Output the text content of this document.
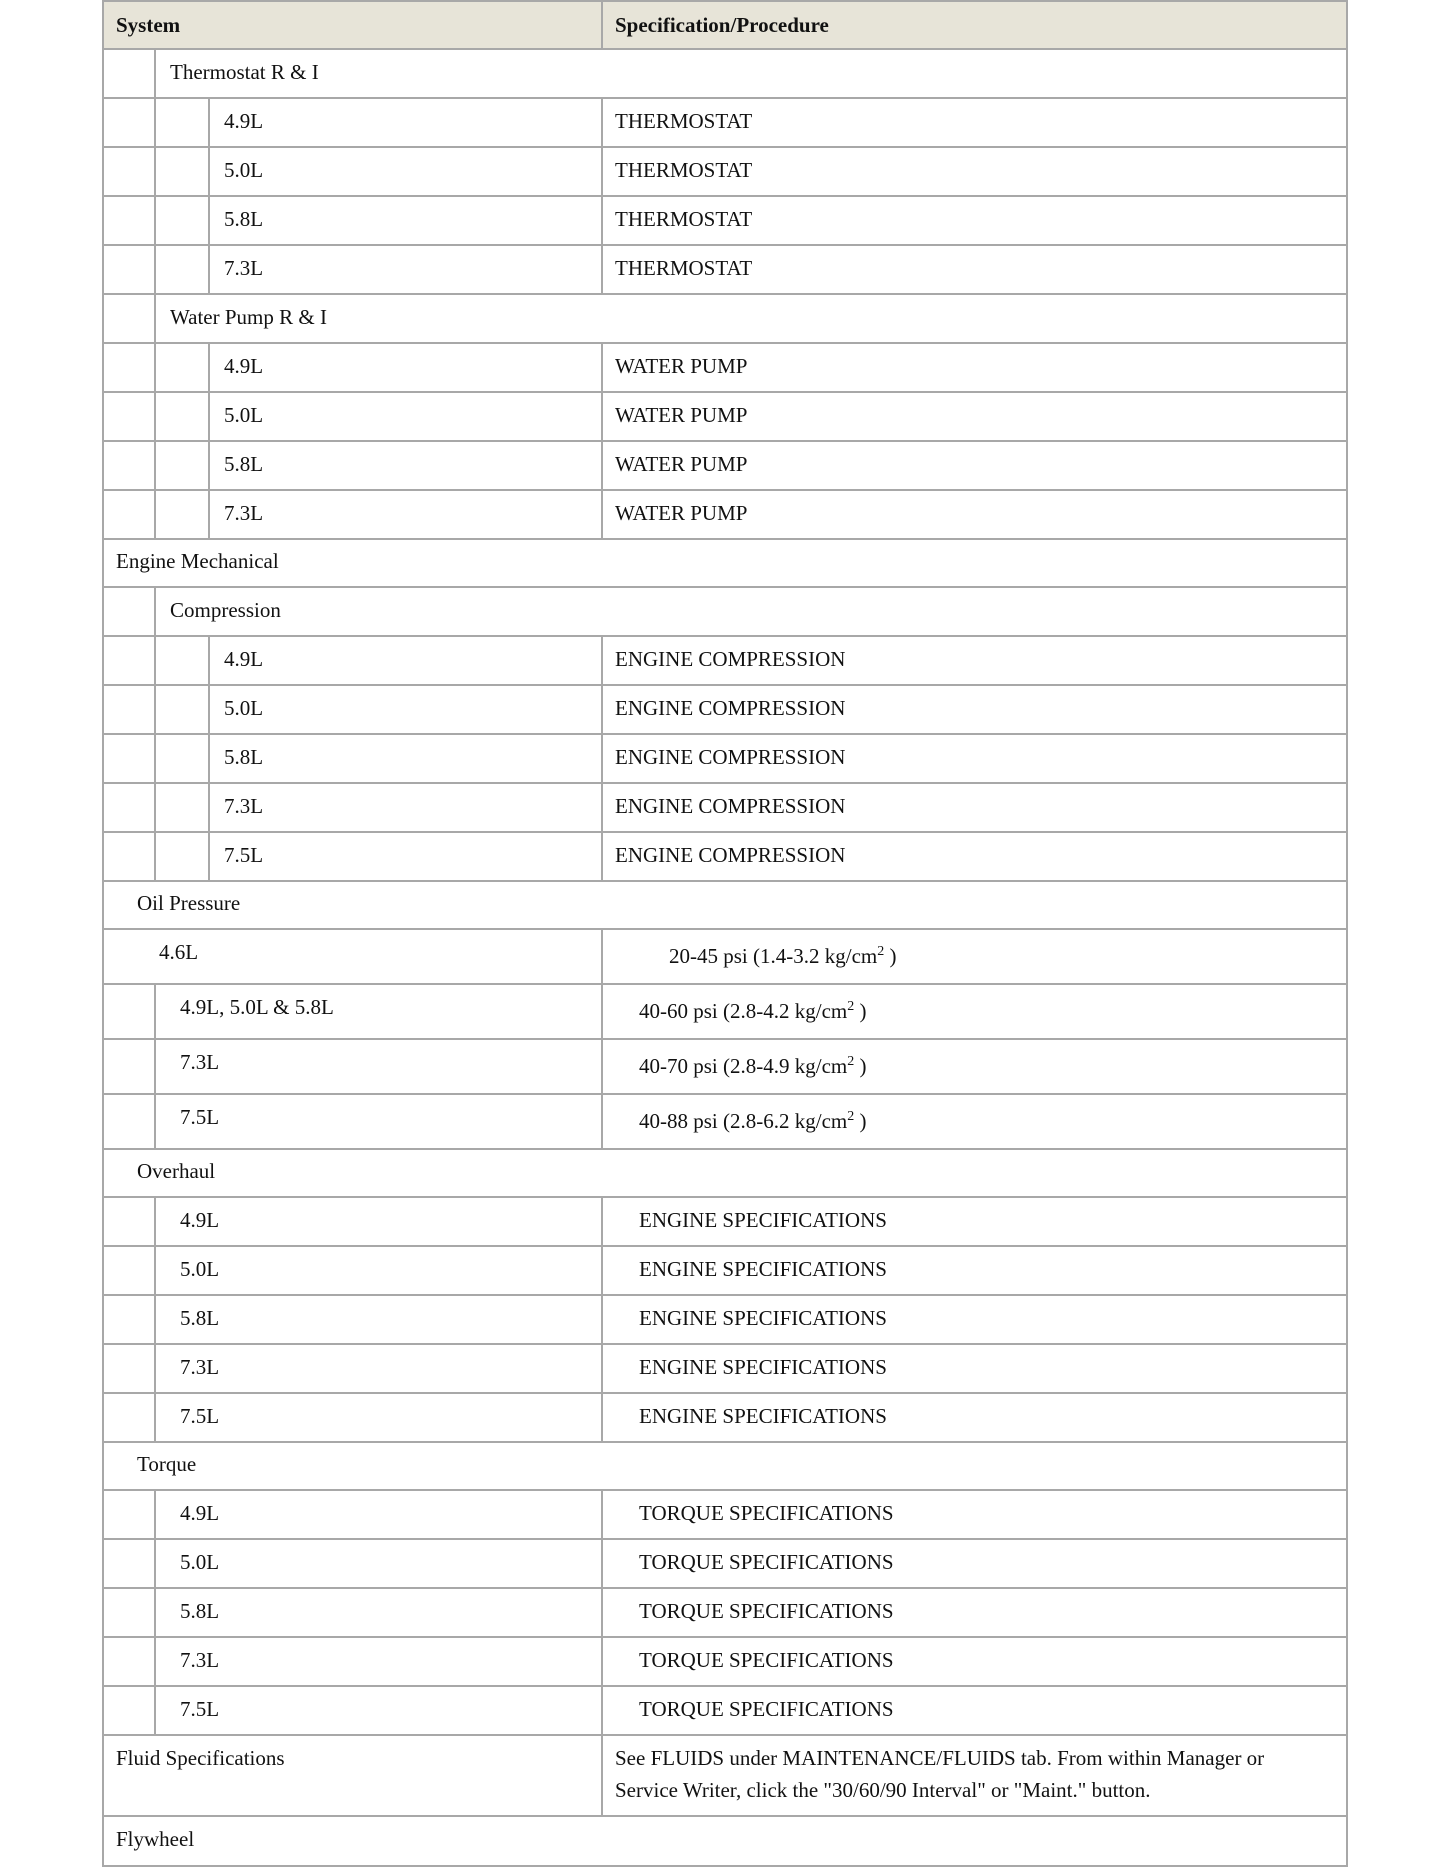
System	Specification/Procedure
Thermostat R & I
4.9L	THERMOSTAT
5.0L	THERMOSTAT
5.8L	THERMOSTAT
7.3L	THERMOSTAT
Water Pump R & I
4.9L	WATER PUMP
5.0L	WATER PUMP
5.8L	WATER PUMP
7.3L	WATER PUMP
Engine Mechanical
Compression
4.9L	ENGINE COMPRESSION
5.0L	ENGINE COMPRESSION
5.8L	ENGINE COMPRESSION
7.3L	ENGINE COMPRESSION
7.5L	ENGINE COMPRESSION
Oil Pressure
4.6L	20-45 psi (1.4-3.2 $kg/cm^2$ )
4.9L, 5.0L & 5.8L	40-60 psi (2.8-4.2 $kg/cm^2$ )
7.3L	40-70 psi (2.8-4.9 $kg/cm^2$ )
7.5L	40-88 psi (2.8-6.2 $kg/cm^2$ )
Overhaul
4.9L	ENGINE SPECIFICATIONS
5.0L	ENGINE SPECIFICATIONS
5.8L	ENGINE SPECIFICATIONS
7.3L	ENGINE SPECIFICATIONS
7.5L	ENGINE SPECIFICATIONS
Torque
4.9L	TORQUE SPECIFICATIONS
5.0L	TORQUE SPECIFICATIONS
5.8L	TORQUE SPECIFICATIONS
7.3L	TORQUE SPECIFICATIONS
7.5L	TORQUE SPECIFICATIONS
Fluid Specifications	See FLUIDS under MAINTENANCE/FLUIDS tab. From within Manager or Service Writer, click the "30/60/90 Interval" or "Maint." button.
Flywheel
